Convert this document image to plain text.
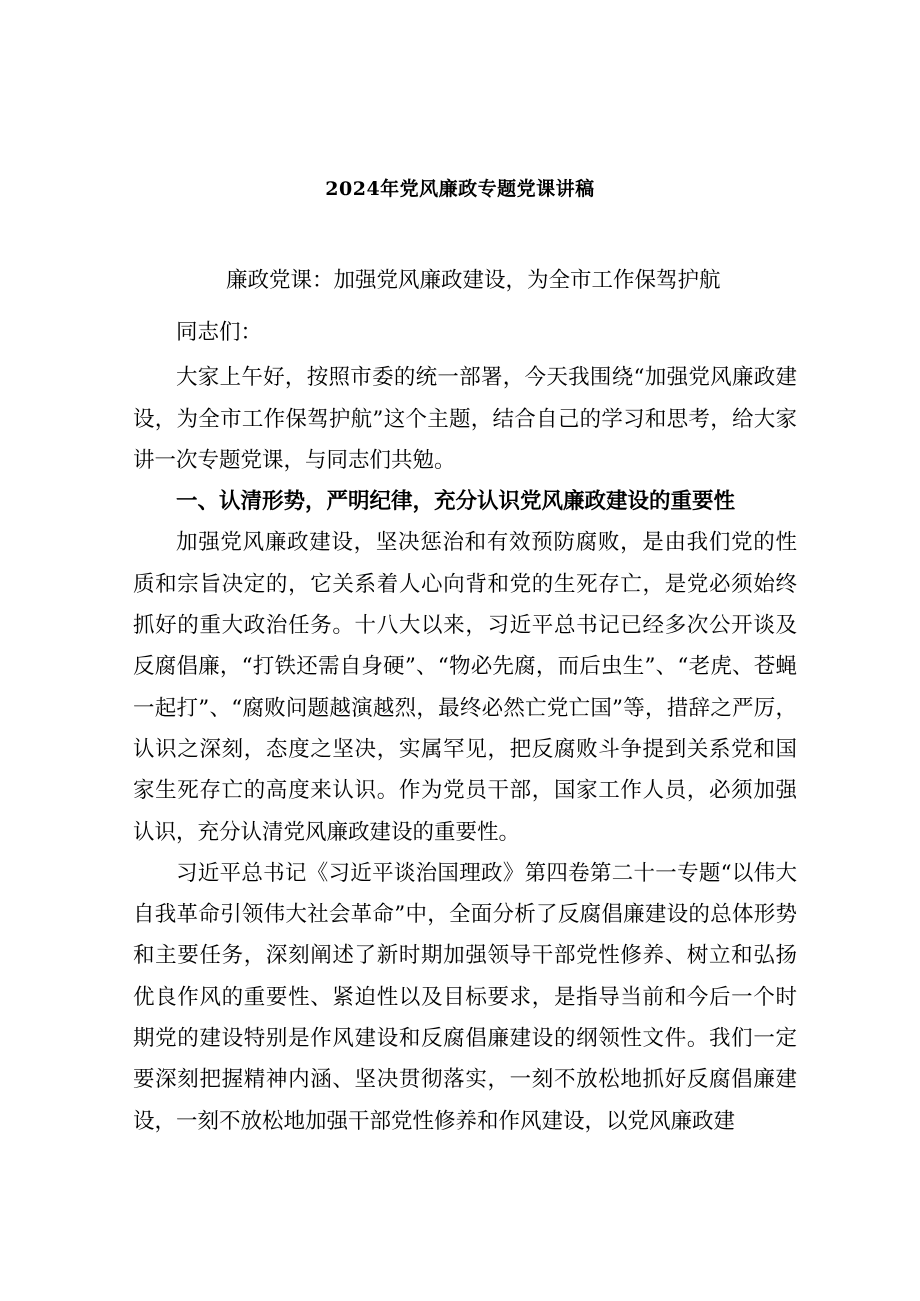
2024年党风廉政专题党课讲稿
廉政党课：加强党风廉政建设，为全市工作保驾护航

同志们：

大家上午好，按照市委的统一部署，今天我围绕“加强党风廉政建设，为全市工作保驾护航”这个主题，结合自己的学习和思考，给大家讲一次专题党课，与同志们共勉。

一、认清形势，严明纪律，充分认识党风廉政建设的重要性

加强党风廉政建设，坚决惩治和有效预防腐败，是由我们党的性质和宗旨决定的，它关系着人心向背和党的生死存亡，是党必须始终抓好的重大政治任务。十八大以来，习近平总书记已经多次公开谈及反腐倡廉，“打铁还需自身硬”、“物必先腐，而后虫生”、“老虎、苍蝇一起打”、“腐败问题越演越烈，最终必然亡党亡国”等，措辞之严厉，认识之深刻，态度之坚决，实属罕见，把反腐败斗争提到关系党和国家生死存亡的高度来认识。作为党员干部，国家工作人员，必须加强认识，充分认清党风廉政建设的重要性。

习近平总书记《习近平谈治国理政》第四卷第二十一专题“以伟大自我革命引领伟大社会革命”中，全面分析了反腐倡廉建设的总体形势和主要任务，深刻阐述了新时期加强领导干部党性修养、树立和弘扬优良作风的重要性、紧迫性以及目标要求，是指导当前和今后一个时期党的建设特别是作风建设和反腐倡廉建设的纲领性文件。我们一定要深刻把握精神内涵、坚决贯彻落实，一刻不放松地抓好反腐倡廉建设，一刻不放松地加强干部党性修养和作风建设，以党风廉政建
